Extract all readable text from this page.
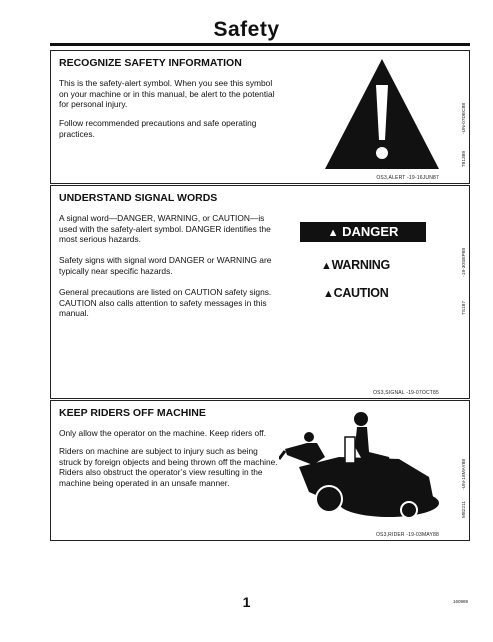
Safety
RECOGNIZE SAFETY INFORMATION

This is the safety-alert symbol. When you see this symbol on your machine or in this manual, be alert to the potential for personal injury.

Follow recommended precautions and safe operating practices.	-UN-07DEC88
T81389
OS3,ALERT -19-16JUN87
UNDERSTAND SIGNAL WORDS

A signal word—DANGER, WARNING, or CAUTION—is used with the safety-alert symbol. DANGER identifies the most serious hazards.

Safety signs with signal word DANGER or WARNING are typically near specific hazards.

General precautions are listed on CAUTION safety signs. CAUTION also calls attention to safety messages in this manual.

▲ DANGER
▲WARNING
▲CAUTION
-19-30SEP88
TS187
OS3,SIGNAL -19-07OCT85
KEEP RIDERS OFF MACHINE

Only allow the operator on the machine. Keep riders off.

Riders on machine are subject to injury such as being struck by foreign objects and being thrown off the machine. Riders also obstruct the operator’s view resulting in the machine being operated in an unsafe manner.	-UN-18MAY88
M82211
OS3,RIDER -19-03MAY88
1	160989
